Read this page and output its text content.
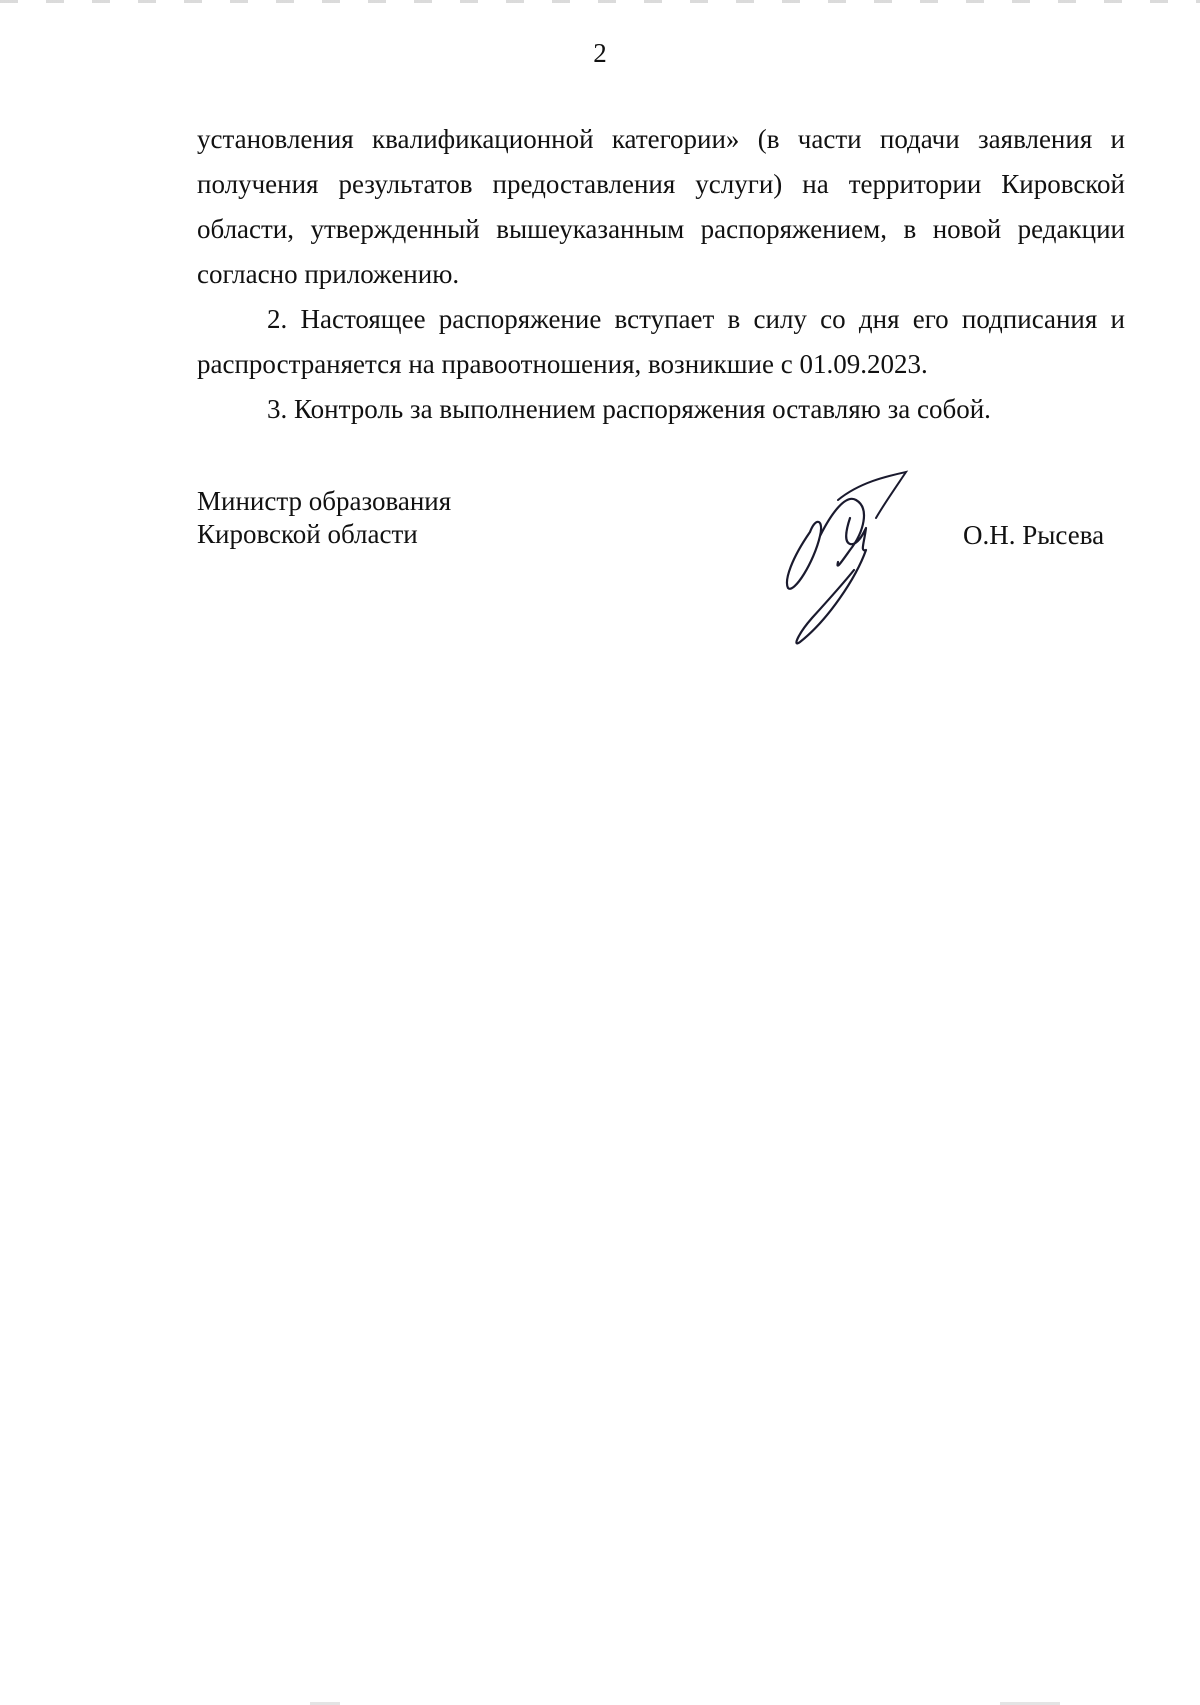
2

установления квалификационной категории» (в части подачи заявления и получения результатов предоставления услуги) на территории Кировской области, утвержденный вышеуказанным распоряжением, в новой редакции согласно приложению.

2. Настоящее распоряжение вступает в силу со дня его подписания и распространяется на правоотношения, возникшие с 01.09.2023.

3. Контроль за выполнением распоряжения оставляю за собой.

Министр образования
Кировской области	О.Н. Рысева
